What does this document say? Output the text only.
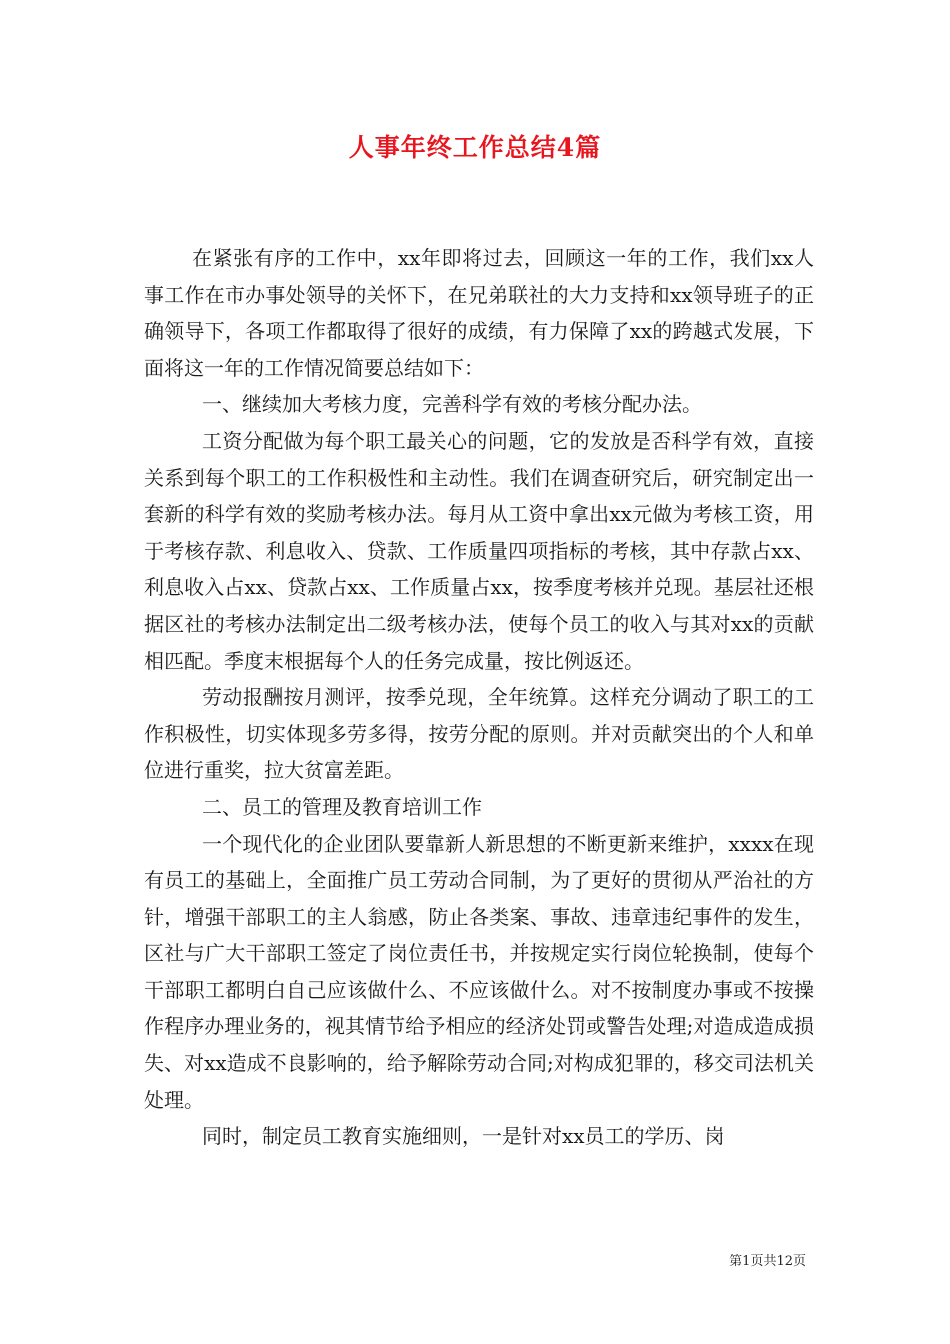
人事年终工作总结4篇

在紧张有序的工作中，xx年即将过去，回顾这一年的工作，我们xx人事工作在市办事处领导的关怀下，在兄弟联社的大力支持和xx领导班子的正确领导下，各项工作都取得了很好的成绩，有力保障了xx的跨越式发展，下面将这一年的工作情况简要总结如下：

一、继续加大考核力度，完善科学有效的考核分配办法。

工资分配做为每个职工最关心的问题，它的发放是否科学有效，直接关系到每个职工的工作积极性和主动性。我们在调查研究后，研究制定出一套新的科学有效的奖励考核办法。每月从工资中拿出xx元做为考核工资，用于考核存款、利息收入、贷款、工作质量四项指标的考核，其中存款占xx、利息收入占xx、贷款占xx、工作质量占xx，按季度考核并兑现。基层社还根据区社的考核办法制定出二级考核办法，使每个员工的收入与其对xx的贡献相匹配。季度末根据每个人的任务完成量，按比例返还。

劳动报酬按月测评，按季兑现，全年统算。这样充分调动了职工的工作积极性，切实体现多劳多得，按劳分配的原则。并对贡献突出的个人和单位进行重奖，拉大贫富差距。

二、员工的管理及教育培训工作

一个现代化的企业团队要靠新人新思想的不断更新来维护，xxxx在现有员工的基础上，全面推广员工劳动合同制，为了更好的贯彻从严治社的方针，增强干部职工的主人翁感，防止各类案、事故、违章违纪事件的发生，区社与广大干部职工签定了岗位责任书，并按规定实行岗位轮换制，使每个干部职工都明白自己应该做什么、不应该做什么。对不按制度办事或不按操作程序办理业务的，视其情节给予相应的经济处罚或警告处理;对造成造成损失、对xx造成不良影响的，给予解除劳动合同;对构成犯罪的，移交司法机关处理。

同时，制定员工教育实施细则，一是针对xx员工的学历、岗

第1页共12页
